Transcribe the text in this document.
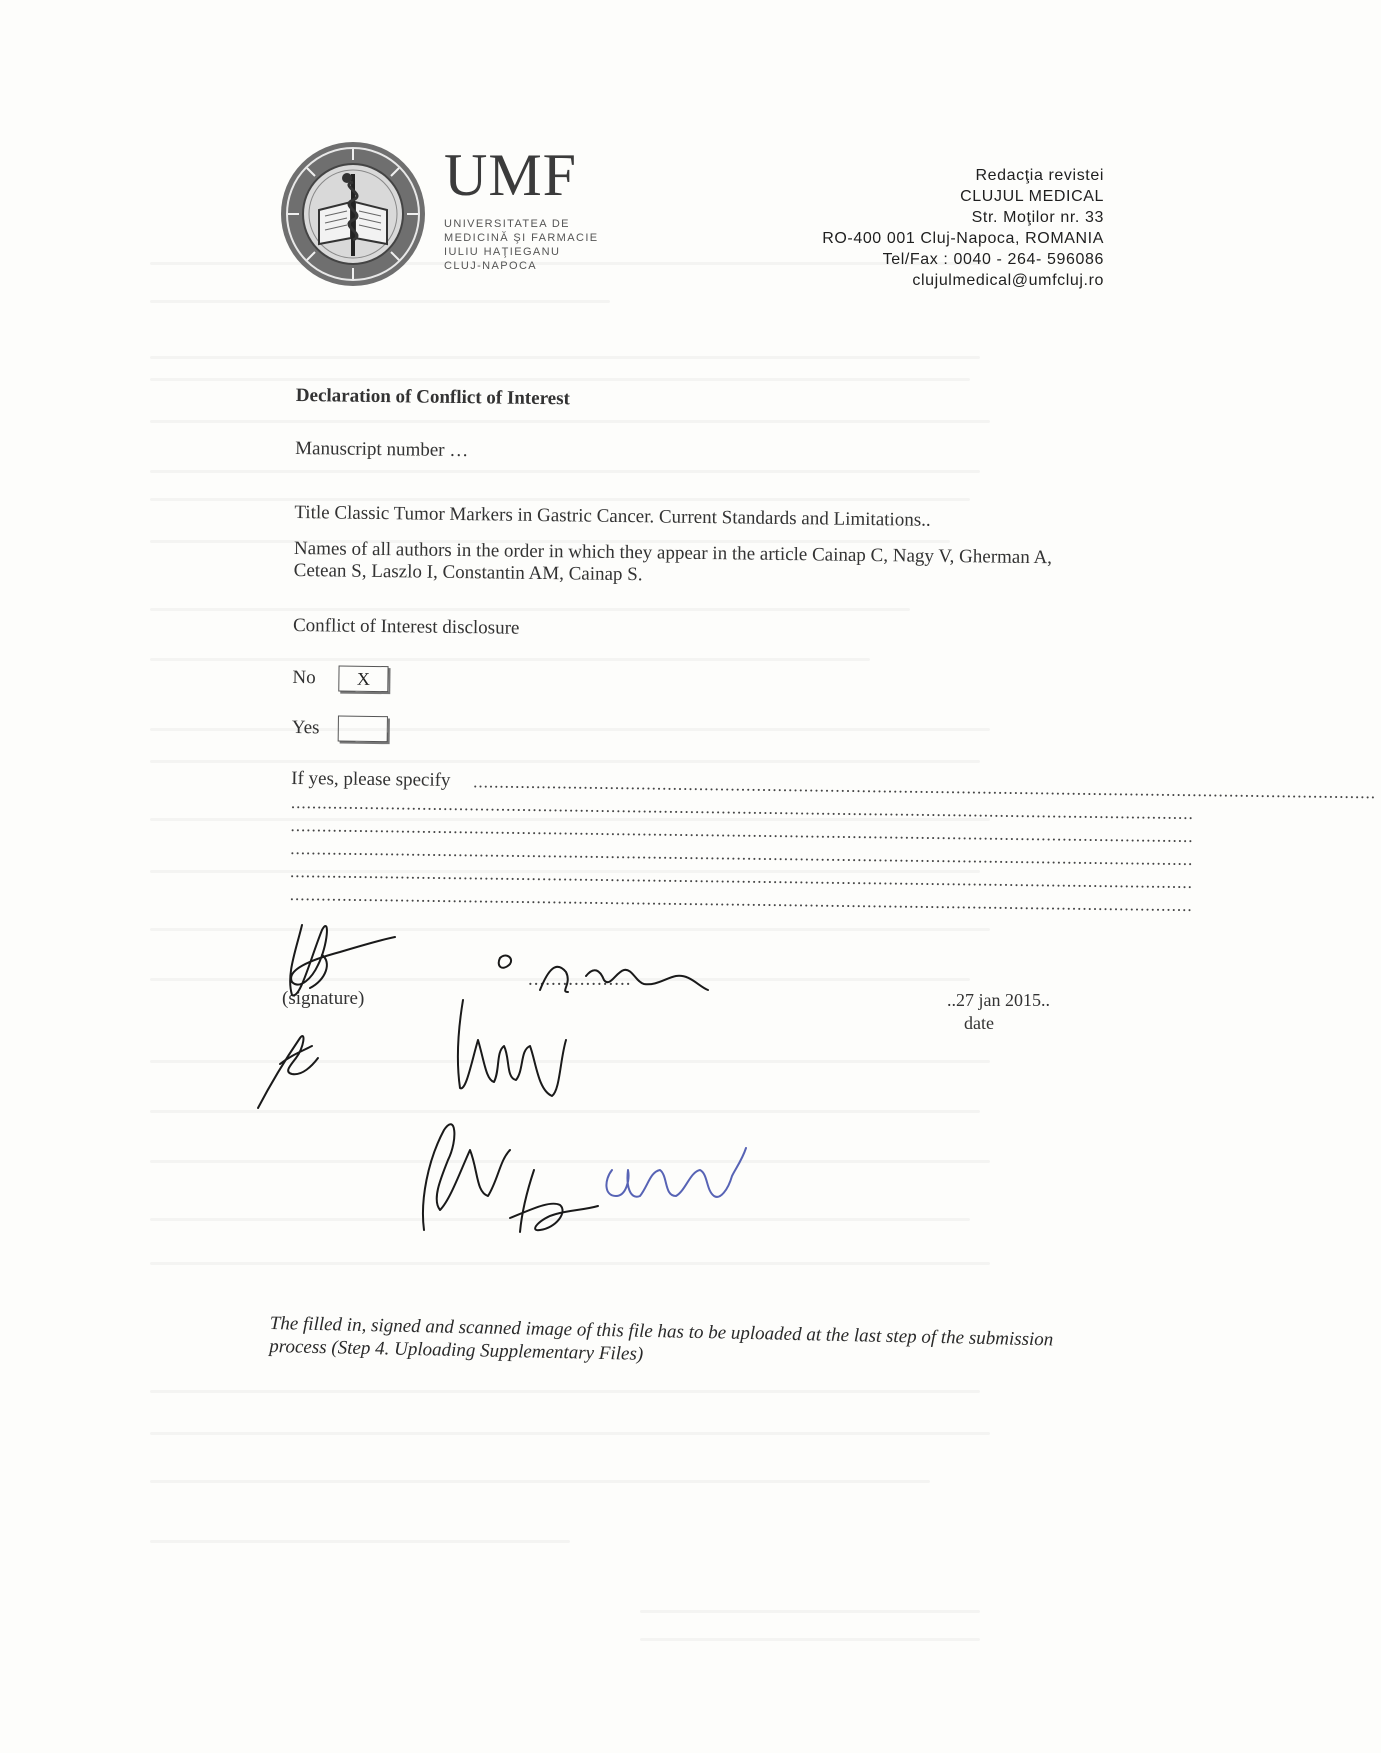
UMF
UNIVERSITATEA DE
MEDICINĂ ŞI FARMACIE
IULIU HAŢIEGANU
CLUJ-NAPOCA
Redacţia revistei
CLUJUL MEDICAL
Str. Moţilor nr. 33
RO-400 001 Cluj-Napoca, ROMANIA
Tel/Fax : 0040 - 264- 596086
clujulmedical@umfcluj.ro
Declaration of Conflict of Interest
Manuscript number …
Title Classic Tumor Markers in Gastric Cancer. Current Standards and Limitations..
Names of all authors in the order in which they appear in the article Cainap C, Nagy V, Gherman A, Cetean S, Laszlo I, Constantin AM, Cainap S.
Conflict of Interest disclosure
No	X
Yes
If yes, please specify ............................................................................................................................................................................
............................................................................................................................................................................
............................................................................................................................................................................
............................................................................................................................................................................
............................................................................................................................................................................
............................................................................................................................................................................
(signature)
..................
..27 jan 2015..
date
The filled in, signed and scanned image of this file has to be uploaded at the last step of the submission process (Step 4. Uploading Supplementary Files)
